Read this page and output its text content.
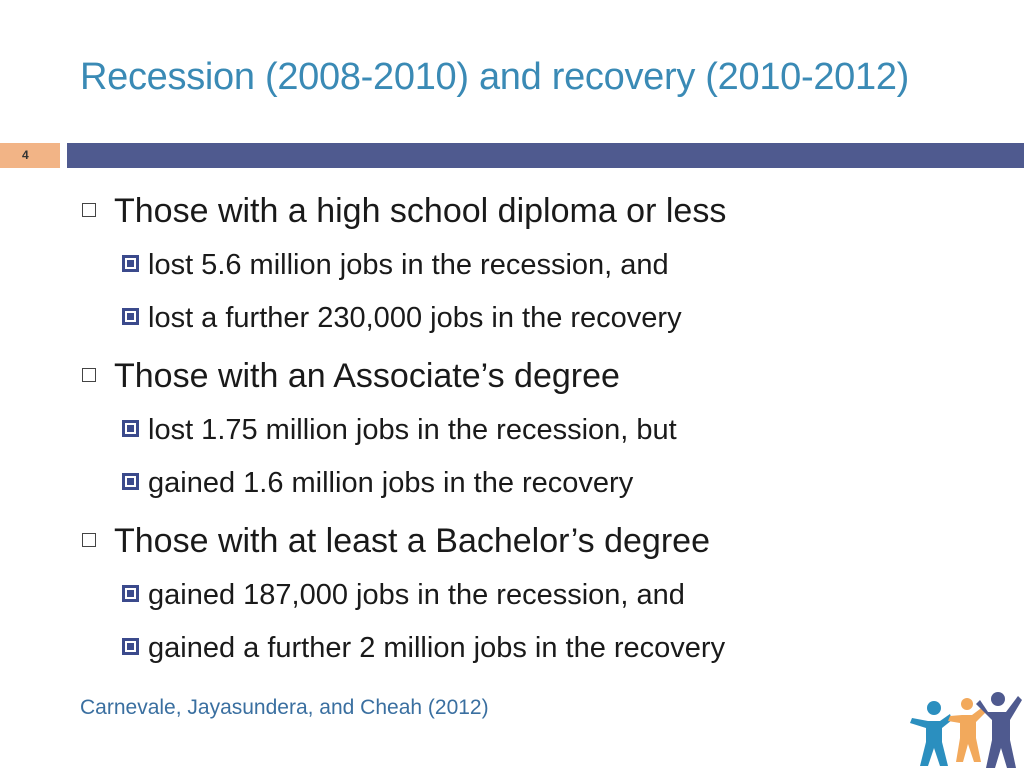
Recession (2008-2010) and recovery (2010-2012)
4
Those with a high school diploma or less
lost 5.6 million jobs in the recession, and
lost a further 230,000 jobs in the recovery
Those with an Associate’s degree
lost 1.75 million jobs in the recession, but
gained 1.6 million jobs in the recovery
Those with at least a Bachelor’s degree
gained 187,000 jobs in the recession, and
gained a further 2 million jobs in the recovery
Carnevale, Jayasundera, and Cheah (2012)
